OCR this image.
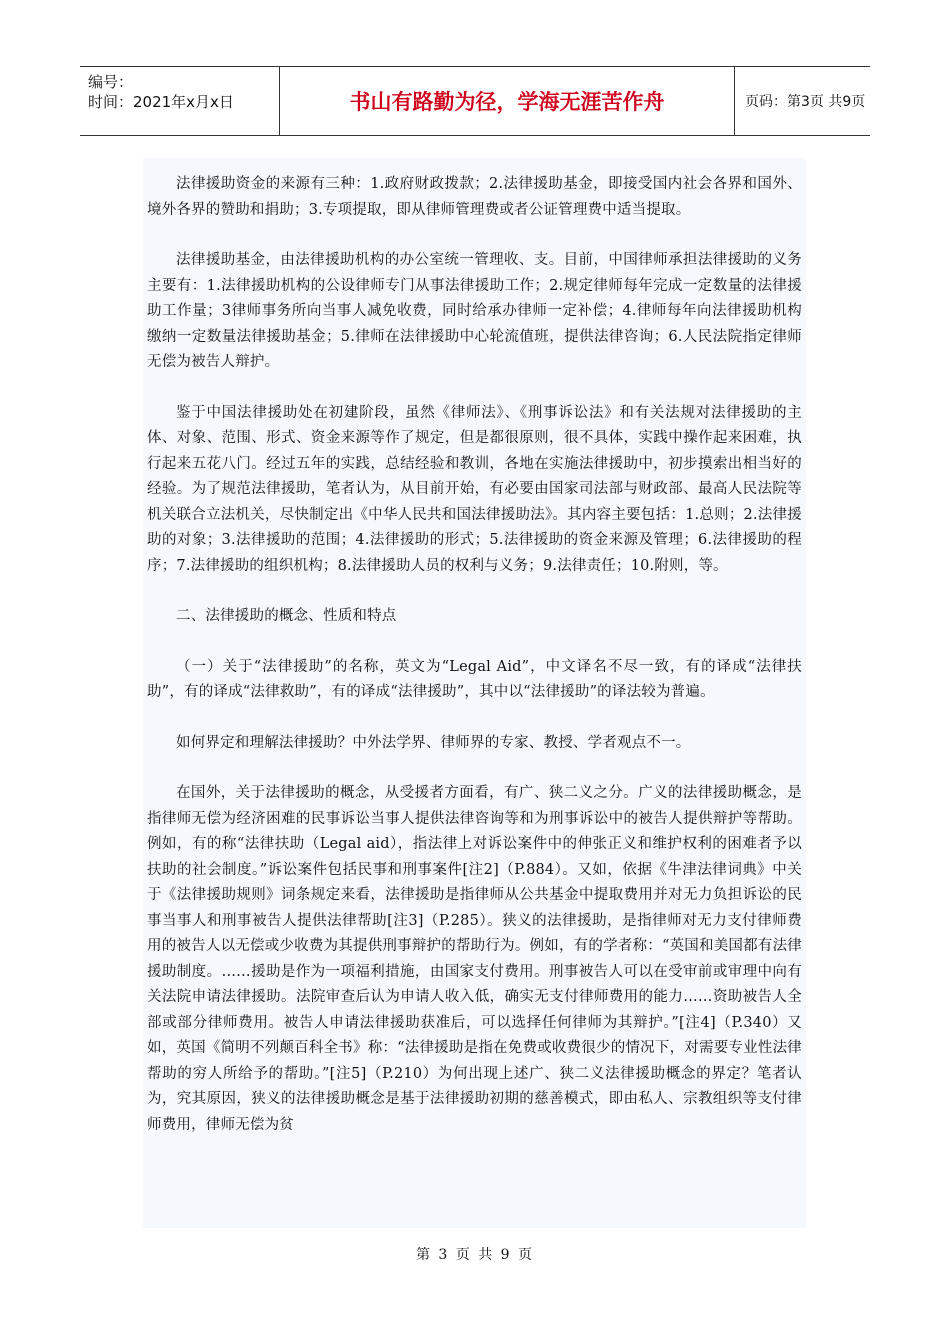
编号：
时间：2021年x月x日	书山有路勤为径，学海无涯苦作舟	页码：第3页 共9页

法律援助资金的来源有三种：1.政府财政拨款；2.法律援助基金，即接受国内社会各界和国外、境外各界的赞助和捐助；3.专项提取，即从律师管理费或者公证管理费中适当提取。

法律援助基金，由法律援助机构的办公室统一管理收、支。目前，中国律师承担法律援助的义务主要有：1.法律援助机构的公设律师专门从事法律援助工作；2.规定律师每年完成一定数量的法律援助工作量；3律师事务所向当事人减免收费，同时给承办律师一定补偿；4.律师每年向法律援助机构缴纳一定数量法律援助基金；5.律师在法律援助中心轮流值班，提供法律咨询；6.人民法院指定律师无偿为被告人辩护。

鉴于中国法律援助处在初建阶段，虽然《律师法》、《刑事诉讼法》和有关法规对法律援助的主体、对象、范围、形式、资金来源等作了规定，但是都很原则，很不具体，实践中操作起来困难，执行起来五花八门。经过五年的实践，总结经验和教训，各地在实施法律援助中，初步摸索出相当好的经验。为了规范法律援助，笔者认为，从目前开始，有必要由国家司法部与财政部、最高人民法院等机关联合立法机关，尽快制定出《中华人民共和国法律援助法》。其内容主要包括：1.总则；2.法律援助的对象；3.法律援助的范围；4.法律援助的形式；5.法律援助的资金来源及管理；6.法律援助的程序；7.法律援助的组织机构；8.法律援助人员的权利与义务；9.法律责任；10.附则，等。

二、法律援助的概念、性质和特点

（一）关于“法律援助”的名称，英文为“Legal Aid”，中文译名不尽一致，有的译成“法律扶助”，有的译成“法律救助”，有的译成“法律援助”，其中以“法律援助”的译法较为普遍。

如何界定和理解法律援助？中外法学界、律师界的专家、教授、学者观点不一。

在国外，关于法律援助的概念，从受援者方面看，有广、狭二义之分。广义的法律援助概念，是指律师无偿为经济困难的民事诉讼当事人提供法律咨询等和为刑事诉讼中的被告人提供辩护等帮助。例如，有的称“法律扶助（Legal aid），指法律上对诉讼案件中的伸张正义和维护权利的困难者予以扶助的社会制度。”诉讼案件包括民事和刑事案件[注2]（P.884）。又如，依据《牛津法律词典》中关于《法律援助规则》词条规定来看，法律援助是指律师从公共基金中提取费用并对无力负担诉讼的民事当事人和刑事被告人提供法律帮助[注3]（P.285）。狭义的法律援助，是指律师对无力支付律师费用的被告人以无偿或少收费为其提供刑事辩护的帮助行为。例如，有的学者称：“英国和美国都有法律援助制度。……援助是作为一项福利措施，由国家支付费用。刑事被告人可以在受审前或审理中向有关法院申请法律援助。法院审查后认为申请人收入低，确实无支付律师费用的能力……资助被告人全部或部分律师费用。被告人申请法律援助获准后，可以选择任何律师为其辩护。”[注4]（P.340）又如，英国《简明不列颠百科全书》称：“法律援助是指在免费或收费很少的情况下，对需要专业性法律帮助的穷人所给予的帮助。”[注5]（P.210）为何出现上述广、狭二义法律援助概念的界定？笔者认为，究其原因，狭义的法律援助概念是基于法律援助初期的慈善模式，即由私人、宗教组织等支付律师费用，律师无偿为贫

第 3 页 共 9 页
